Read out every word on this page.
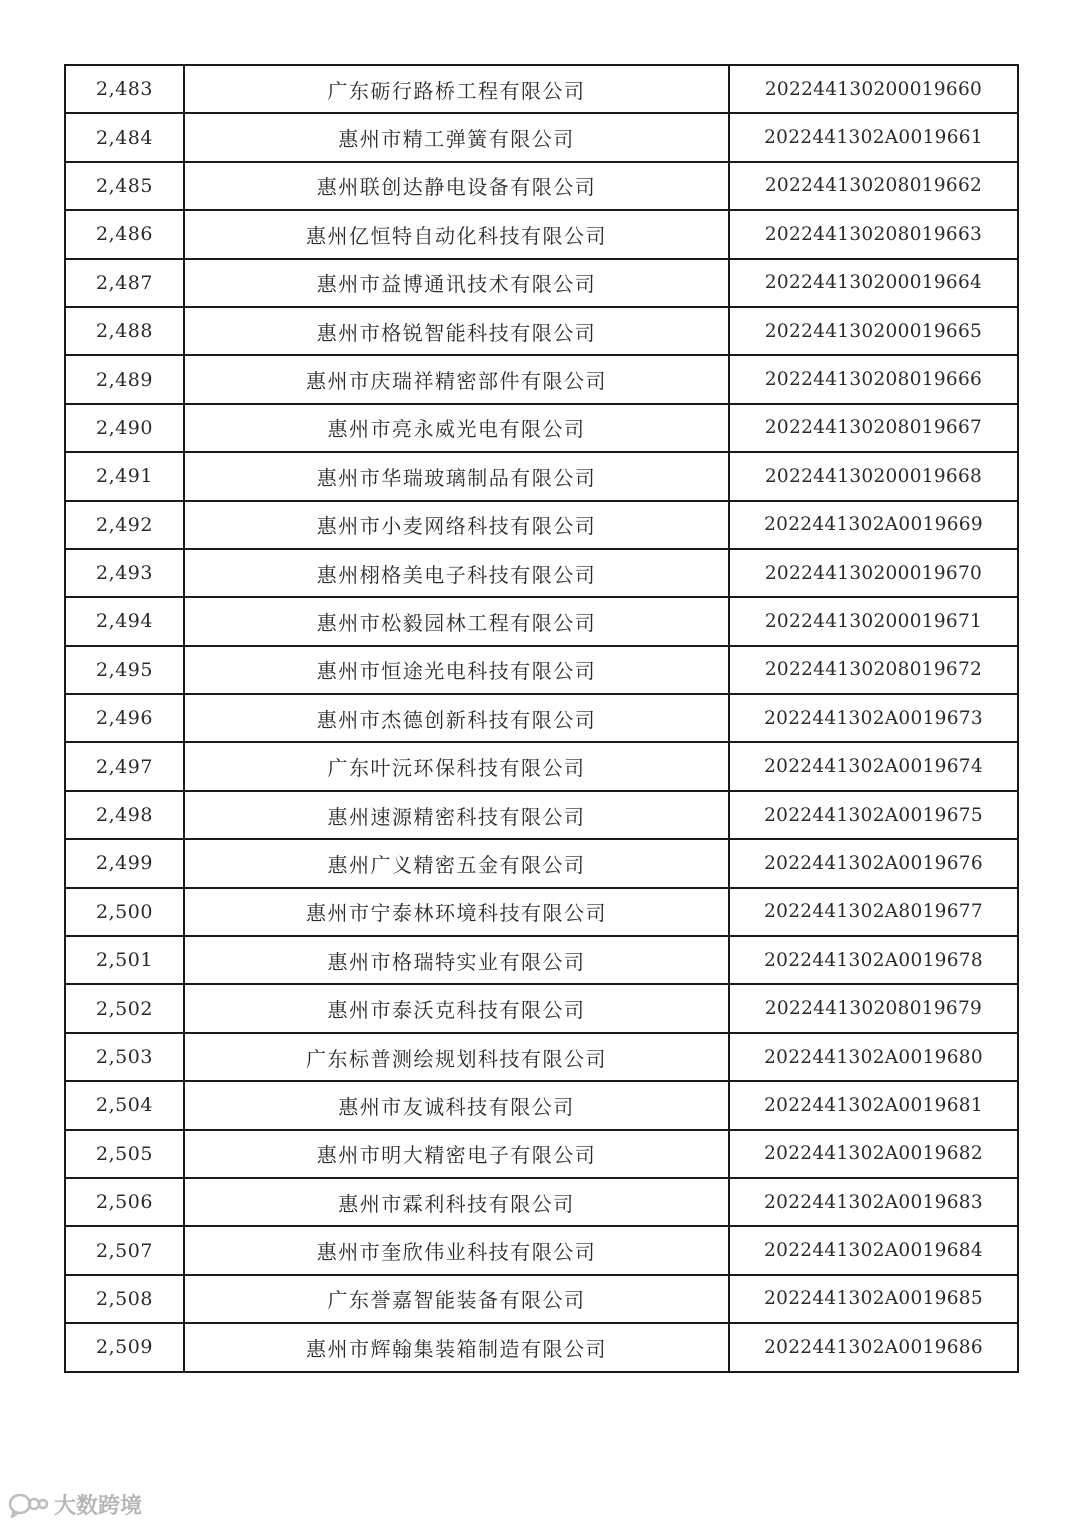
2,483	广东砺行路桥工程有限公司	20224413020001966​0
2,484	惠州市精工弹簧有限公司	2022441302A0019661
2,485	惠州联创达静电设备有限公司	20224413020801966​2
2,486	惠州亿恒特自动化科技有限公司	20224413020801966​3
2,487	惠州市益博通讯技术有限公司	20224413020001966​4
2,488	惠州市格锐智能科技有限公司	20224413020001966​5
2,489	惠州市庆瑞祥精密部件有限公司	20224413020801966​6
2,490	惠州市亮永威光电有限公司	20224413020801966​7
2,491	惠州市华瑞玻璃制品有限公司	20224413020001966​8
2,492	惠州市小麦网络科技有限公司	2022441302A0019669
2,493	惠州栩格美电子科技有限公司	20224413020001967​0
2,494	惠州市松毅园林工程有限公司	20224413020001967​1
2,495	惠州市恒途光电科技有限公司	20224413020801967​2
2,496	惠州市杰德创新科技有限公司	2022441302A0019673
2,497	广东叶沅环保科技有限公司	2022441302A0019674
2,498	惠州速源精密科技有限公司	2022441302A0019675
2,499	惠州广义精密五金有限公司	2022441302A0019676
2,500	惠州市宁泰林环境科技有限公司	2022441302A8019677
2,501	惠州市格瑞特实业有限公司	2022441302A0019678
2,502	惠州市泰沃克科技有限公司	20224413020801967​9
2,503	广东标普测绘规划科技有限公司	2022441302A0019680
2,504	惠州市友诚科技有限公司	2022441302A0019681
2,505	惠州市明大精密电子有限公司	2022441302A0019682
2,506	惠州市霖利科技有限公司	2022441302A0019683
2,507	惠州市奎欣伟业科技有限公司	2022441302A0019684
2,508	广东誉嘉智能装备有限公司	2022441302A0019685
2,509	惠州市辉翰集装箱制造有限公司	2022441302A0019686
大数跨境
